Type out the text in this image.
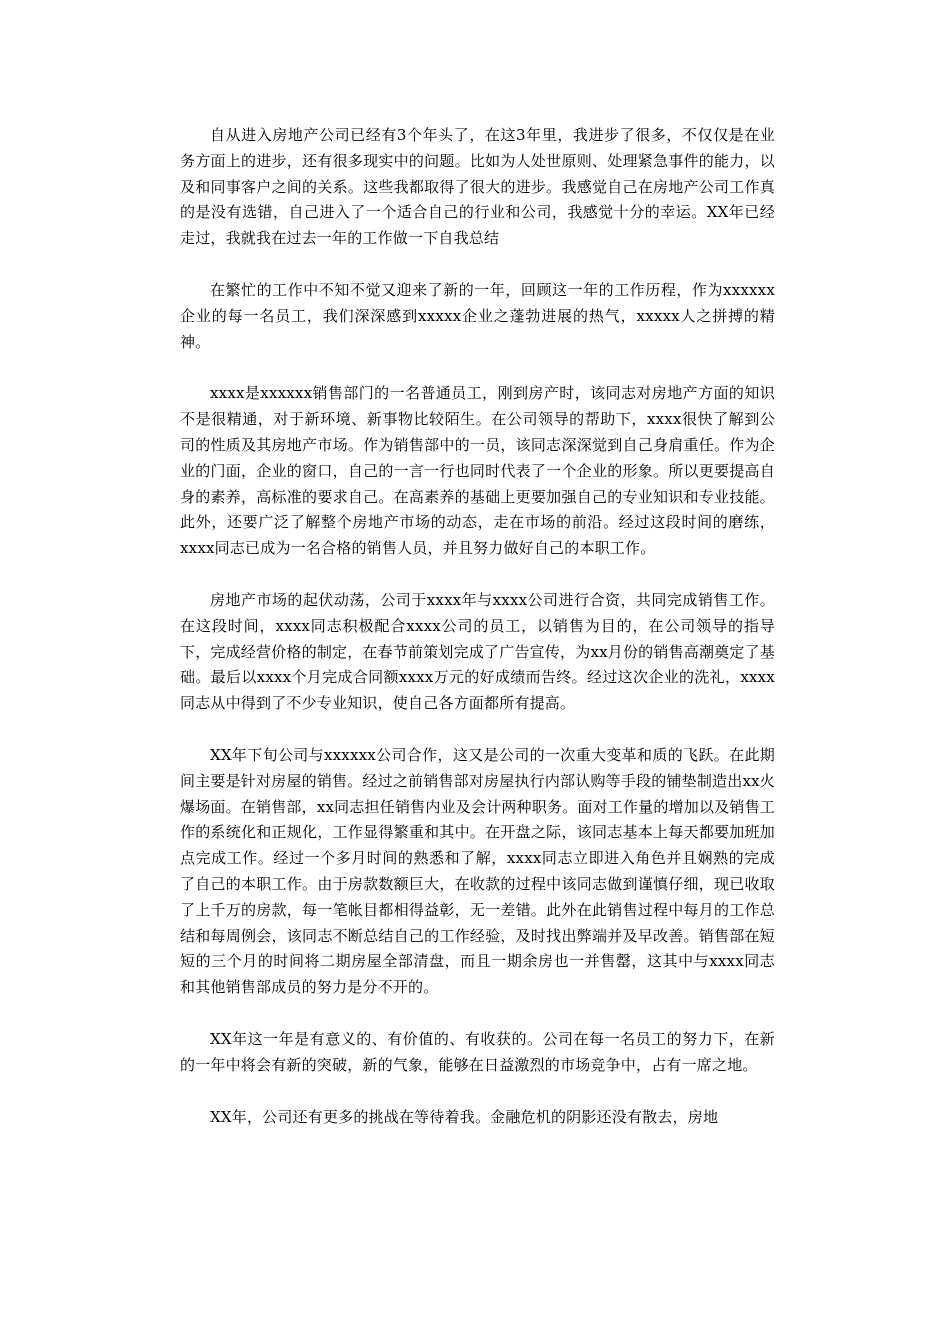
自从进入房地产公司已经有3个年头了，在这3年里，我进步了很多，不仅仅是在业务方面上的进步，还有很多现实中的问题。比如为人处世原则、处理紧急事件的能力，以及和同事客户之间的关系。这些我都取得了很大的进步。我感觉自己在房地产公司工作真的是没有选错，自己进入了一个适合自己的行业和公司，我感觉十分的幸运。XX年已经走过，我就我在过去一年的工作做一下自我总结

在繁忙的工作中不知不觉又迎来了新的一年，回顾这一年的工作历程，作为xxxxxx企业的每一名员工，我们深深感到xxxxx企业之蓬勃进展的热气，xxxxx人之拼搏的精神。

xxxx是xxxxxx销售部门的一名普通员工，刚到房产时，该同志对房地产方面的知识不是很精通，对于新环境、新事物比较陌生。在公司领导的帮助下，xxxx很快了解到公司的性质及其房地产市场。作为销售部中的一员，该同志深深觉到自己身肩重任。作为企业的门面，企业的窗口，自己的一言一行也同时代表了一个企业的形象。所以更要提高自身的素养，高标准的要求自己。在高素养的基础上更要加强自己的专业知识和专业技能。此外，还要广泛了解整个房地产市场的动态，走在市场的前沿。经过这段时间的磨练，xxxx同志已成为一名合格的销售人员，并且努力做好自己的本职工作。

房地产市场的起伏动荡，公司于xxxx年与xxxx公司进行合资，共同完成销售工作。在这段时间，xxxx同志积极配合xxxx公司的员工，以销售为目的，在公司领导的指导下，完成经营价格的制定，在春节前策划完成了广告宣传，为xx月份的销售高潮奠定了基础。最后以xxxx个月完成合同额xxxx万元的好成绩而告终。经过这次企业的洗礼，xxxx同志从中得到了不少专业知识，使自己各方面都所有提高。

XX年下旬公司与xxxxxx公司合作，这又是公司的一次重大变革和质的飞跃。在此期间主要是针对房屋的销售。经过之前销售部对房屋执行内部认购等手段的铺垫制造出xx火爆场面。在销售部，xx同志担任销售内业及会计两种职务。面对工作量的增加以及销售工作的系统化和正规化，工作显得繁重和其中。在开盘之际，该同志基本上每天都要加班加点完成工作。经过一个多月时间的熟悉和了解，xxxx同志立即进入角色并且娴熟的完成了自己的本职工作。由于房款数额巨大，在收款的过程中该同志做到谨慎仔细，现已收取了上千万的房款，每一笔帐目都相得益彰，无一差错。此外在此销售过程中每月的工作总结和每周例会，该同志不断总结自己的工作经验，及时找出弊端并及早改善。销售部在短短的三个月的时间将二期房屋全部清盘，而且一期余房也一并售罄，这其中与xxxx同志和其他销售部成员的努力是分不开的。

XX年这一年是有意义的、有价值的、有收获的。公司在每一名员工的努力下，在新的一年中将会有新的突破，新的气象，能够在日益激烈的市场竞争中，占有一席之地。

XX年，公司还有更多的挑战在等待着我。金融危机的阴影还没有散去，房地
